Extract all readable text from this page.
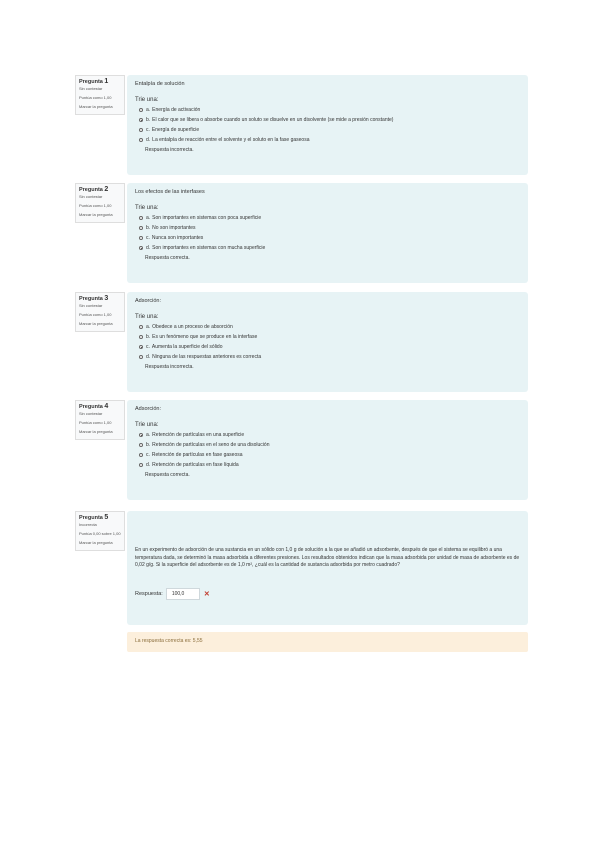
Pregunta 1
Sin contestar
Puntúa como 1,00
Marcar la pregunta
Entalpía de solución
Trie una:
a. Energía de activación
b. El calor que se libera o absorbe cuando un soluto se disuelve en un disolvente (se mide a presión constante)
c. Energía de superficie
d. La entalpía de reacción entre el solvente y el soluto en la fase gaseosa
Respuesta incorrecta.
Pregunta 2
Sin contestar
Puntúa como 1,00
Marcar la pregunta
Los efectos de las interfases
Trie una:
a. Son importantes en sistemas con poca superficie
b. No son importantes
c. Nunca son importantes
d. Son importantes en sistemas con mucha superficie
Respuesta correcta.
Pregunta 3
Sin contestar
Puntúa como 1,00
Marcar la pregunta
Adsorción:
Trie una:
a. Obedece a un proceso de absorción
b. Es un fenómeno que se produce en la interfase
c. Aumenta la superficie del sólido
d. Ninguna de las respuestas anteriores es correcta
Respuesta incorrecta.
Pregunta 4
Sin contestar
Puntúa como 1,00
Marcar la pregunta
Adsorción:
Trie una:
a. Retención de partículas en una superficie
b. Retención de partículas en el seno de una disolución
c. Retención de partículas en fase gaseosa
d. Retención de partículas en fase líquida
Respuesta correcta.
Pregunta 5
Incorrecta
Puntúa 0,00 sobre 1,00
Marcar la pregunta
En un experimento de adsorción de una sustancia en un sólido con 1,0 g de solución a la que se añadió un adsorbente, después de que el sistema se equilibró a una temperatura dada, se determinó la masa adsorbida a diferentes presiones. Los resultados obtenidos indican que la masa adsorbida por unidad de masa de adsorbente es de 0,02 g/g. Si la superficie del adsorbente es de 1,0 m², ¿cuál es la cantidad de sustancia adsorbida por metro cuadrado?
Respuesta:	100,0	✕
La respuesta correcta es: 5,55
